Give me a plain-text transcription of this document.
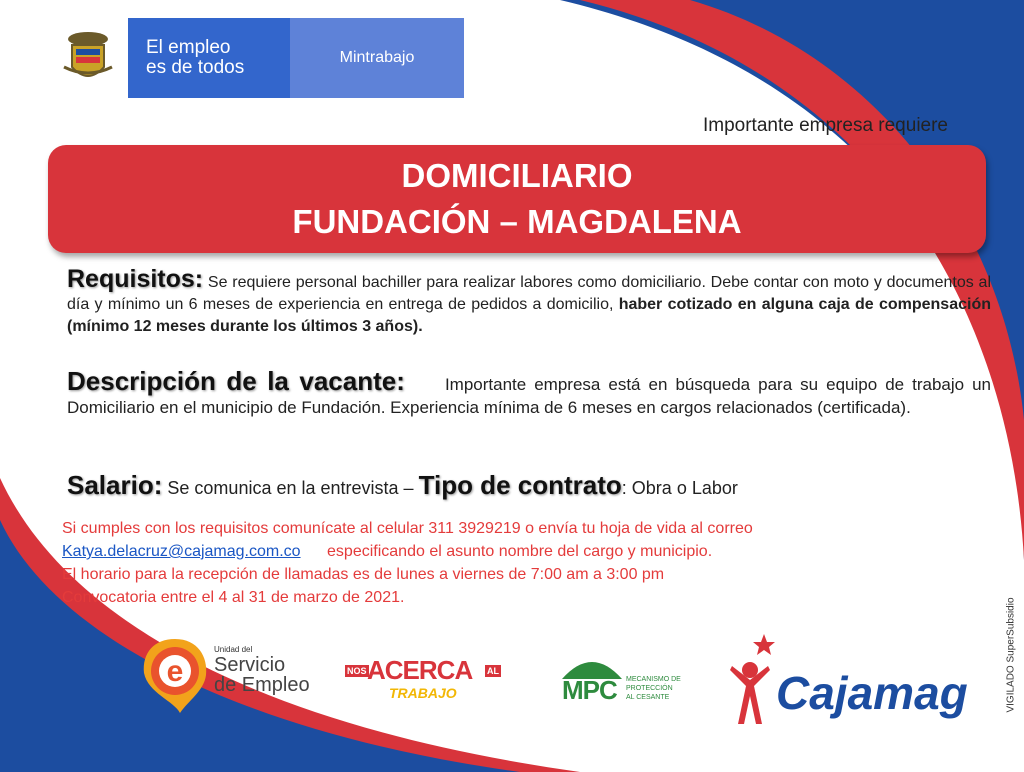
El empleo
es de todos	Mintrabajo
Importante empresa requiere
DOMICILIARIO
FUNDACIÓN – MAGDALENA
Requisitos: Se requiere personal bachiller para realizar labores como domiciliario. Debe contar con moto y documentos al día y mínimo un 6 meses de experiencia en entrega de pedidos a domicilio, haber cotizado en alguna caja de compensación (mínimo 12 meses durante los últimos 3 años).
Descripción de la vacante: Importante empresa está en búsqueda para su equipo de trabajo un Domiciliario en el municipio de Fundación. Experiencia mínima de 6 meses en cargos relacionados (certificada).
Salario: Se comunica en la entrevista – Tipo de contrato: Obra o Labor
Si cumples con los requisitos comunícate al celular 311 3929219 o envía tu hoja de vida al correo
Katya.delacruz@cajamag.com.co especificando el asunto nombre del cargo y municipio.
El horario para la recepción de llamadas es de lunes a viernes de 7:00 am a 3:00 pm
Convocatoria entre el 4 al 31 de marzo de 2021.
e
Unidad del
Servicio
de Empleo
NOS ACERCA AL
TRABAJO	MPC MECANISMO DE
PROTECCIÓN
AL CESANTE Cajamag	VIGILADO SuperSubsidio
